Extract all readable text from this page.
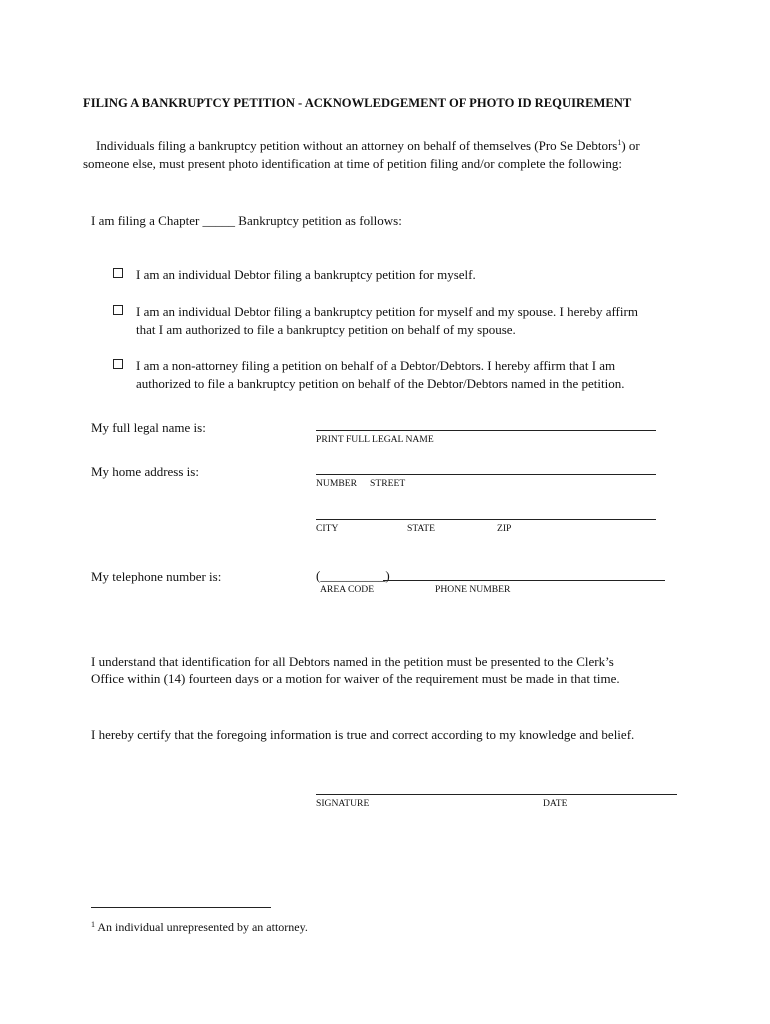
FILING A BANKRUPTCY PETITION - ACKNOWLEDGEMENT OF PHOTO ID REQUIREMENT
Individuals filing a bankruptcy petition without an attorney on behalf of themselves (Pro Se Debtors$^1$) or
someone else, must present photo identification at time of petition filing and/or complete the following:
I am filing a Chapter _____ Bankruptcy petition as follows:
I am an individual Debtor filing a bankruptcy petition for myself.
I am an individual Debtor filing a bankruptcy petition for myself and my spouse. I hereby affirm
that I am authorized to file a bankruptcy petition on behalf of my spouse.
I am a non-attorney filing a petition on behalf of a Debtor/Debtors. I hereby affirm that I am
authorized to file a bankruptcy petition on behalf of the Debtor/Debtors named in the petition.
My full legal name is:
PRINT FULL LEGAL NAME
My home address is:
NUMBER STREET
CITY	STATE	ZIP
My telephone number is:	(__________)
AREA CODE	PHONE NUMBER
I understand that identification for all Debtors named in the petition must be presented to the Clerk’s
Office within (14) fourteen days or a motion for waiver of the requirement must be made in that time.
I hereby certify that the foregoing information is true and correct according to my knowledge and belief.
SIGNATURE	DATE
$^1$ An individual unrepresented by an attorney.
